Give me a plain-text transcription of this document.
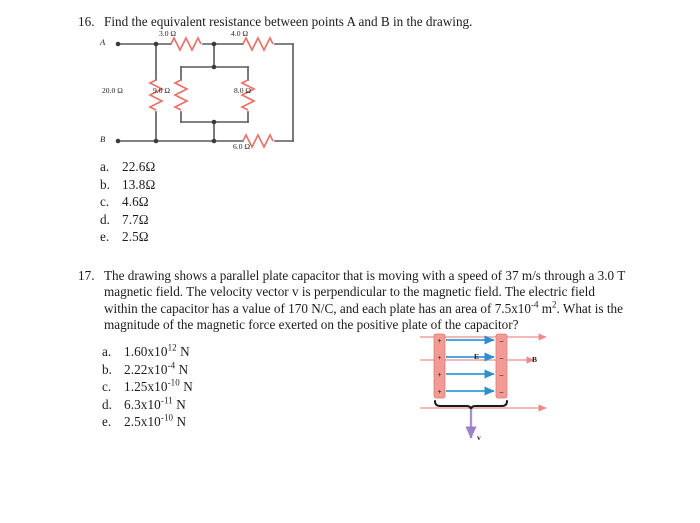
16. Find the equivalent resistance between points A and B in the drawing.
A
B
3.0 Ω	4.0 Ω
20.0 Ω	9.0 Ω	8.0 Ω
6.0 Ω
a. 22.6Ω
b. 13.8Ω
c. 4.6Ω
d. 7.7Ω
e. 2.5Ω
17. The drawing shows a parallel plate capacitor that is moving with a speed of 37 m/s through a 3.0 T magnetic field. The velocity vector v is perpendicular to the magnetic field. The electric field within the capacitor has a value of 170 N/C, and each plate has an area of $7.5x10^{-4}$ $m^2$. What is the magnitude of the magnetic force exerted on the positive plate of the capacitor?
a. $1.60x10^{12}$ N
b. $2.22x10^{-4}$ N
c. $1.25x10^{-10}$ N
d. $6.3x10^{-11}$ N
e. $2.5x10^{-10}$ N
+
+
+
+
–
–
–
–
E	B
v
